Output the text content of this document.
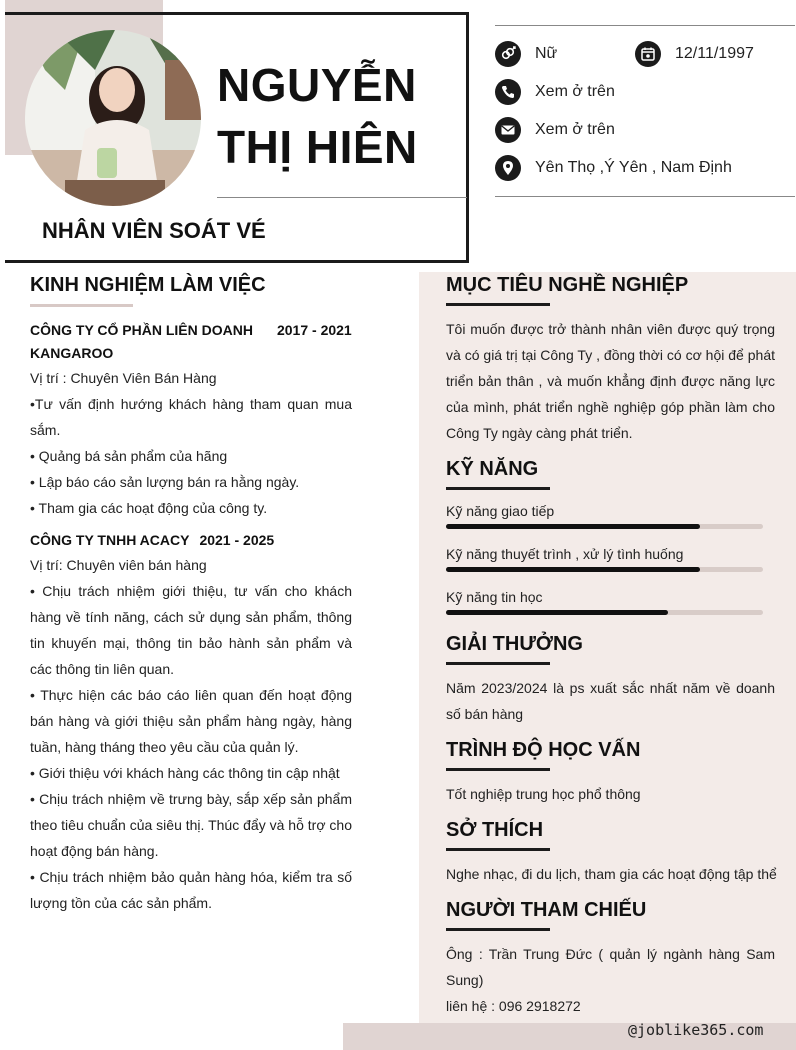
NGUYỄN
THỊ HIÊN
NHÂN VIÊN SOÁT VÉ
Nữ	12/11/1997
Xem ở trên
Xem ở trên
Yên Thọ ,Ý Yên , Nam Định
KINH NGHIỆM LÀM VIỆC
CÔNG TY CỔ PHẦN LIÊN DOANH 2017 - 2021
KANGAROO
Vị trí : Chuyên Viên Bán Hàng
•Tư vấn định hướng khách hàng tham quan mua sắm.
• Quảng bá sản phẩm của hãng
• Lập báo cáo sản lượng bán ra hằng ngày.
• Tham gia các hoạt động của công ty.
CÔNG TY TNHH ACACY 2021 - 2025
Vị trí: Chuyên viên bán hàng
• Chịu trách nhiệm giới thiệu, tư vấn cho khách hàng về tính năng, cách sử dụng sản phẩm, thông tin khuyến mại, thông tin bảo hành sản phẩm và các thông tin liên quan.
• Thực hiện các báo cáo liên quan đến hoạt động bán hàng và giới thiệu sản phẩm hàng ngày, hàng tuần, hàng tháng theo yêu cầu của quản lý.
• Giới thiệu với khách hàng các thông tin cập nhật
• Chịu trách nhiệm về trưng bày, sắp xếp sản phẩm theo tiêu chuẩn của siêu thị. Thúc đẩy và hỗ trợ cho hoạt động bán hàng.
• Chịu trách nhiệm bảo quản hàng hóa, kiểm tra số lượng tồn của các sản phẩm.
MỤC TIÊU NGHỀ NGHIỆP
Tôi muốn được trở thành nhân viên được quý trọng và có giá trị tại Công Ty , đồng thời có cơ hội để phát triển bản thân , và muốn khẳng định được năng lực của mình, phát triển nghề nghiệp góp phần làm cho Công Ty ngày càng phát triển.
KỸ NĂNG
Kỹ năng giao tiếp
Kỹ năng thuyết trình , xử lý tình huống
Kỹ năng tin học
GIẢI THƯỞNG
Năm 2023/2024 là ps xuất sắc nhất năm về doanh số bán hàng
TRÌNH ĐỘ HỌC VẤN
Tốt nghiệp trung học phổ thông
SỞ THÍCH
Nghe nhạc, đi du lịch, tham gia các hoạt động tập thể
NGƯỜI THAM CHIẾU
Ông : Trần Trung Đức ( quản lý ngành hàng Sam Sung)
liên hệ : 096 2918272
@joblike365.com
